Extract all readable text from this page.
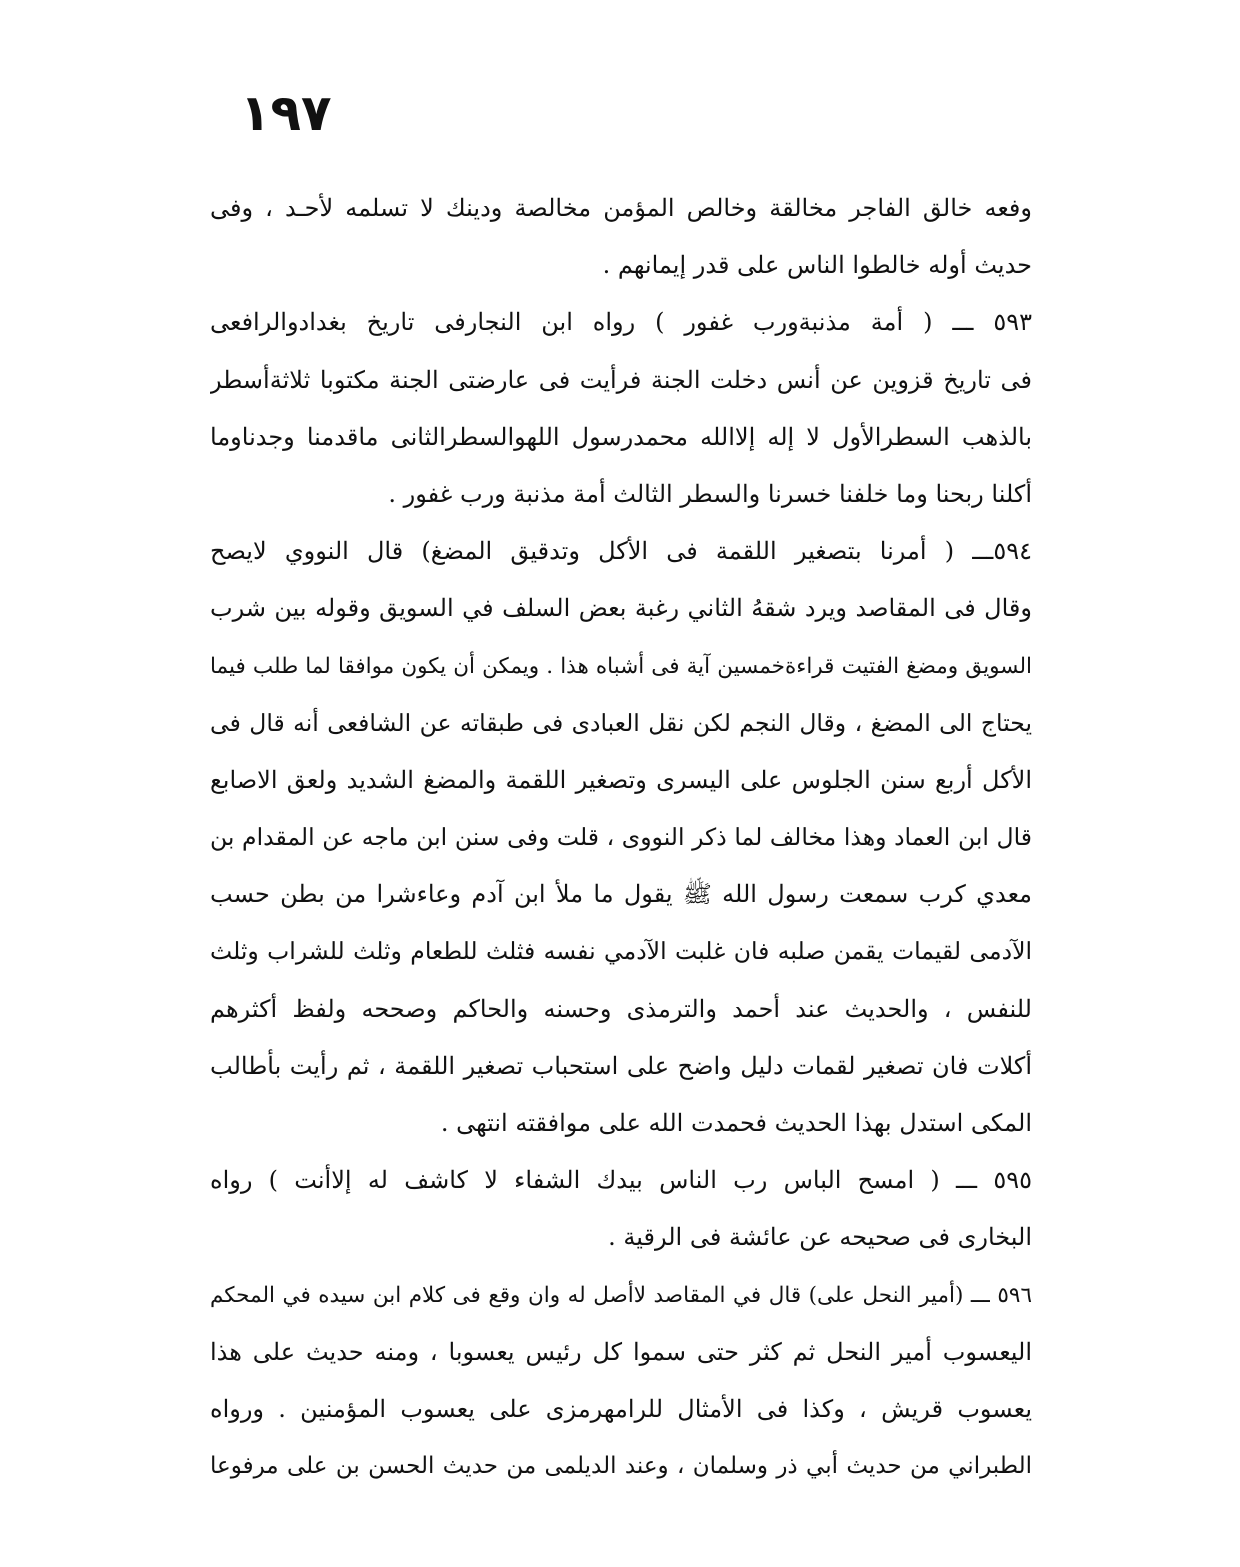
١٩٧
وفعه خالق الفاجر مخالقة وخالص المؤمن مخالصة ودينك لا تسلمه لأحـد ، وفى
حديث أوله خالطوا الناس على قدر إيمانهم .
٥٩٣ ـــ ( أمة مذنبةورب غفور ) رواه ابن النجارفى تاريخ بغدادوالرافعى
فى تاريخ قزوين عن أنس دخلت الجنة فرأيت فى عارضتى الجنة مكتوبا ثلاثةأسطر
بالذهب السطرالأول لا إله إلاالله محمدرسول اللهوالسطرالثانى ماقدمنا وجدناوما
أكلنا ربحنا وما خلفنا خسرنا والسطر الثالث أمة مذنبة ورب غفور .
٥٩٤ـــ ( أمرنا بتصغير اللقمة فى الأكل وتدقيق المضغ) قال النووي لايصح
وقال فى المقاصد ويرد شقهُ الثاني رغبة بعض السلف في السويق وقوله بين شرب
السويق ومضغ الفتيت قراءةخمسين آية فى أشباه هذا . ويمكن أن يكون موافقا لما طلب فيما
يحتاج الى المضغ ، وقال النجم لكن نقل العبادى فى طبقاته عن الشافعى أنه قال فى
الأكل أربع سنن الجلوس على اليسرى وتصغير اللقمة والمضغ الشديد ولعق الاصابع
قال ابن العماد وهذا مخالف لما ذكر النووى ، قلت وفى سنن ابن ماجه عن المقدام بن
معدي كرب سمعت رسول الله ﷺ يقول ما ملأ ابن آدم وعاءشرا من بطن حسب
الآدمى لقيمات يقمن صلبه فان غلبت الآدمي نفسه فثلث للطعام وثلث للشراب وثلث
للنفس ، والحديث عند أحمد والترمذى وحسنه والحاكم وصححه ولفظ أكثرهم
أكلات فان تصغير لقمات دليل واضح على استحباب تصغير اللقمة ، ثم رأيت بأطالب
المكى استدل بهذا الحديث فحمدت الله على موافقته انتهى .
٥٩٥ ـــ ( امسح الباس رب الناس بيدك الشفاء لا كاشف له إلاأنت ) رواه
البخارى فى صحيحه عن عائشة فى الرقية .
٥٩٦ ـــ (أمير النحل على) قال في المقاصد لاأصل له وان وقع فى كلام ابن سيده في المحكم
اليعسوب أمير النحل ثم كثر حتى سموا كل رئيس يعسوبا ، ومنه حديث على هذا
يعسوب قريش ، وكذا فى الأمثال للرامهرمزى على يعسوب المؤمنين . ورواه
الطبراني من حديث أبي ذر وسلمان ، وعند الديلمى من حديث الحسن بن على مرفوعا
